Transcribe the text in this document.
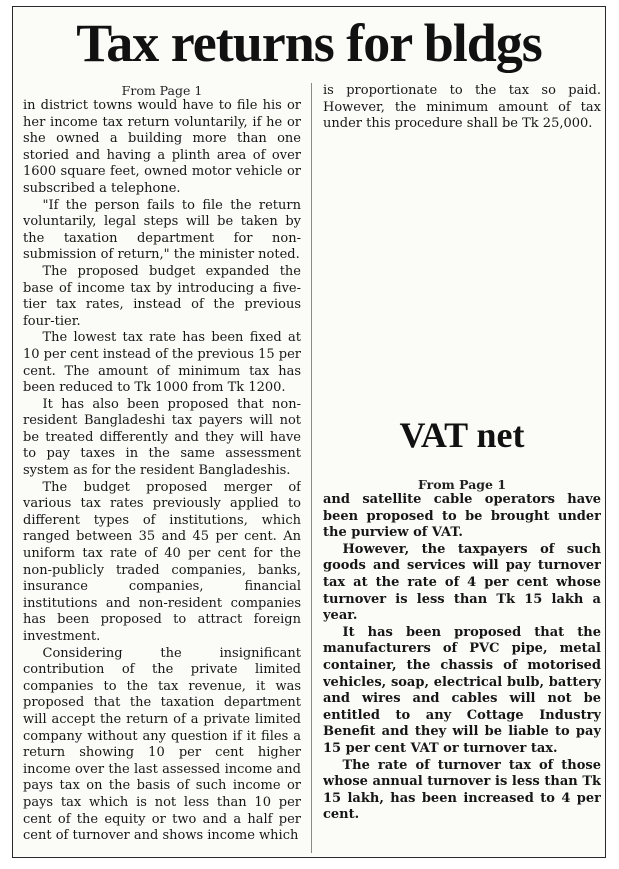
Tax returns for bldgs

From Page 1

in district towns would have to file his or her income tax return voluntarily, if he or she owned a building more than one storied and having a plinth area of over 1600 square feet, owned motor vehicle or subscribed a telephone.

"If the person fails to file the return voluntarily, legal steps will be taken by the taxation department for non-submission of return," the minister noted.

The proposed budget expanded the base of income tax by introducing a five-tier tax rates, instead of the previous four-tier.

The lowest tax rate has been fixed at 10 per cent instead of the previous 15 per cent. The amount of minimum tax has been reduced to Tk 1000 from Tk 1200.

It has also been proposed that non-resident Bangladeshi tax payers will not be treated differently and they will have to pay taxes in the same assessment system as for the resident Bangladeshis.

The budget proposed merger of various tax rates previously applied to different types of institutions, which ranged between 35 and 45 per cent. An uniform tax rate of 40 per cent for the non-publicly traded companies, banks, insurance companies, financial institutions and non-resident companies has been proposed to attract foreign investment.

Considering the insignificant contribution of the private limited companies to the tax revenue, it was proposed that the taxation department will accept the return of a private limited company without any question if it files a return showing 10 per cent higher income over the last assessed income and pays tax on the basis of such income or pays tax which is not less than 10 per cent of the equity or two and a half per cent of turnover and shows income which

is proportionate to the tax so paid. However, the minimum amount of tax under this procedure shall be Tk 25,000.

VAT net

From Page 1

and satellite cable operators have been proposed to be brought under the purview of VAT.

However, the taxpayers of such goods and services will pay turnover tax at the rate of 4 per cent whose turnover is less than Tk 15 lakh a year.

It has been proposed that the manufacturers of PVC pipe, metal container, the chassis of motorised vehicles, soap, electrical bulb, battery and wires and cables will not be entitled to any Cottage Industry Benefit and they will be liable to pay 15 per cent VAT or turnover tax.

The rate of turnover tax of those whose annual turnover is less than Tk 15 lakh, has been increased to 4 per cent.
